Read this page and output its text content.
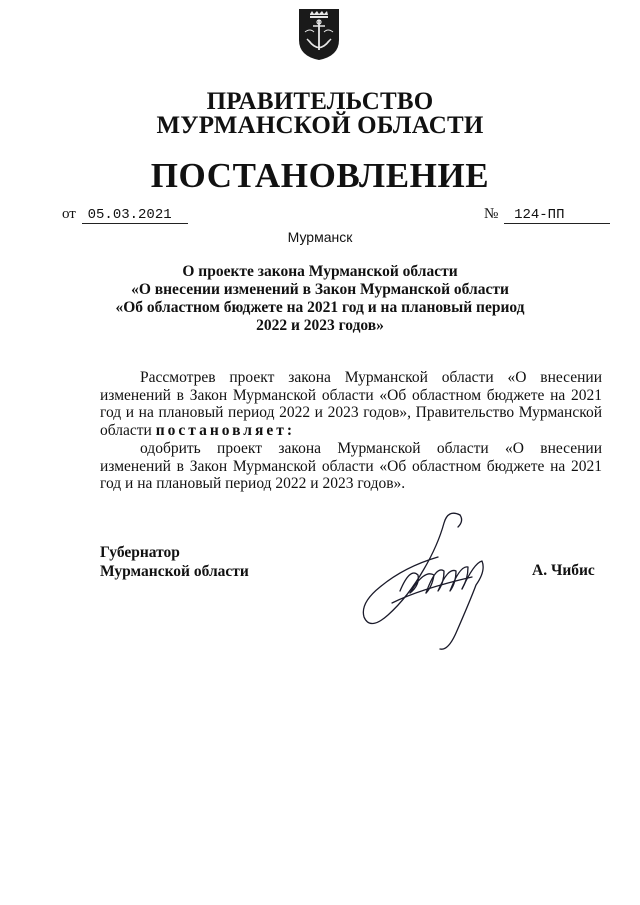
ПРАВИТЕЛЬСТВО
МУРМАНСКОЙ ОБЛАСТИ
ПОСТАНОВЛЕНИЕ
от 05.03.2021	№ 124-ПП
Мурманск
О проекте закона Мурманской области
«О внесении изменений в Закон Мурманской области
«Об областном бюджете на 2021 год и на плановый период
2022 и 2023 годов»
Рассмотрев проект закона Мурманской области «О внесении изменений в Закон Мурманской области «Об областном бюджете на 2021 год и на плановый период 2022 и 2023 годов», Правительство Мурманской области постановляет:
одобрить проект закона Мурманской области «О внесении изменений в Закон Мурманской области «Об областном бюджете на 2021 год и на плановый период 2022 и 2023 годов».
Губернатор
Мурманской области	А. Чибис
